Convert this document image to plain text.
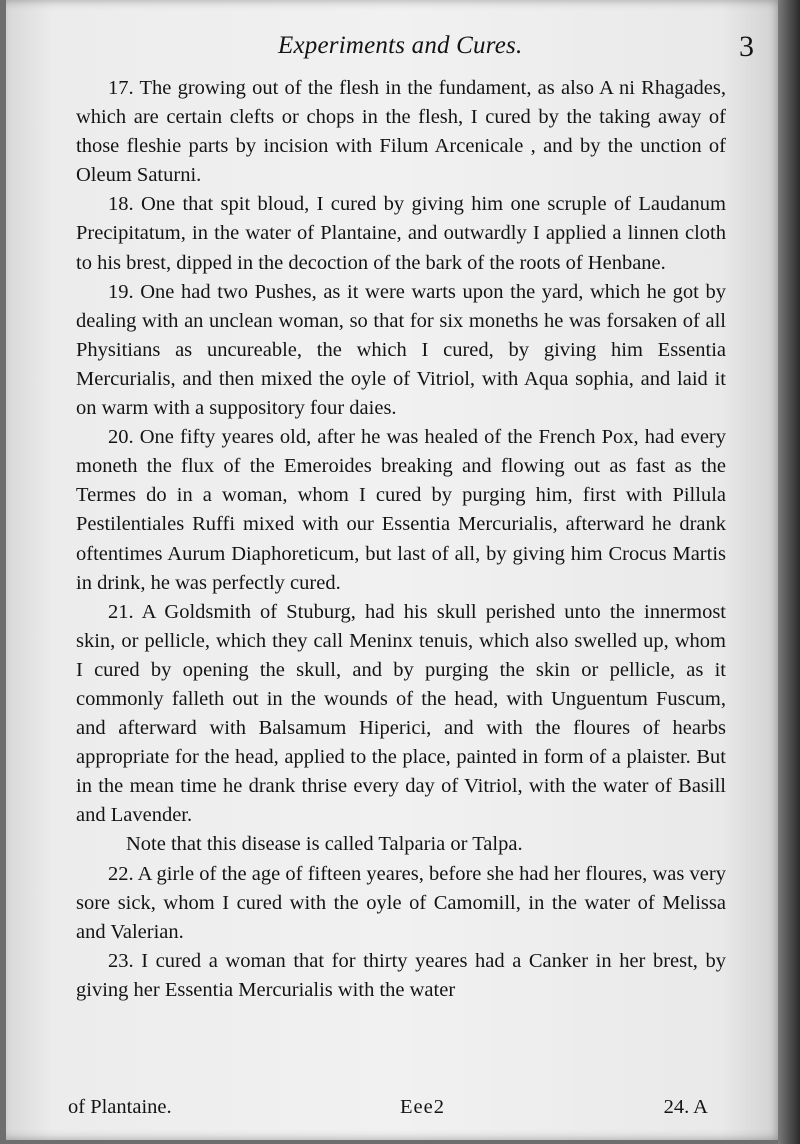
Experiments and Cures.	3

17. The growing out of the flesh in the fundament, as also A ni Rhagades, which are certain clefts or chops in the flesh, I cured by the taking away of those fleshie parts by incision with Filum Arcenicale , and by the unction of Oleum Saturni.

18. One that spit bloud, I cured by giving him one scruple of Laudanum Precipitatum, in the water of Plantaine, and outwardly I applied a linnen cloth to his brest, dipped in the decoction of the bark of the roots of Henbane.

19. One had two Pushes, as it were warts upon the yard, which he got by dealing with an unclean woman, so that for six moneths he was forsaken of all Physitians as uncureable, the which I cured, by giving him Essentia Mercurialis, and then mixed the oyle of Vitriol, with Aqua sophia, and laid it on warm with a suppository four daies.

20. One fifty yeares old, after he was healed of the French Pox, had every moneth the flux of the Emeroides breaking and flowing out as fast as the Termes do in a woman, whom I cured by purging him, first with Pillula Pestilentiales Ruffi mixed with our Essentia Mercurialis, afterward he drank oftentimes Aurum Diaphoreticum, but last of all, by giving him Crocus Martis in drink, he was perfectly cured.

21. A Goldsmith of Stuburg, had his skull perished unto the innermost skin, or pellicle, which they call Meninx tenuis, which also swelled up, whom I cured by opening the skull, and by purging the skin or pellicle, as it commonly falleth out in the wounds of the head, with Unguentum Fuscum, and afterward with Balsamum Hiperici, and with the floures of hearbs appropriate for the head, applied to the place, painted in form of a plaister. But in the mean time he drank thrise every day of Vitriol, with the water of Basill and Lavender.

Note that this disease is called Talparia or Talpa.

22. A girle of the age of fifteen yeares, before she had her floures, was very sore sick, whom I cured with the oyle of Camomill, in the water of Melissa and Valerian.

23. I cured a woman that for thirty yeares had a Canker in her brest, by giving her Essentia Mercurialis with the water

of Plantaine.	Eee2	24. A
